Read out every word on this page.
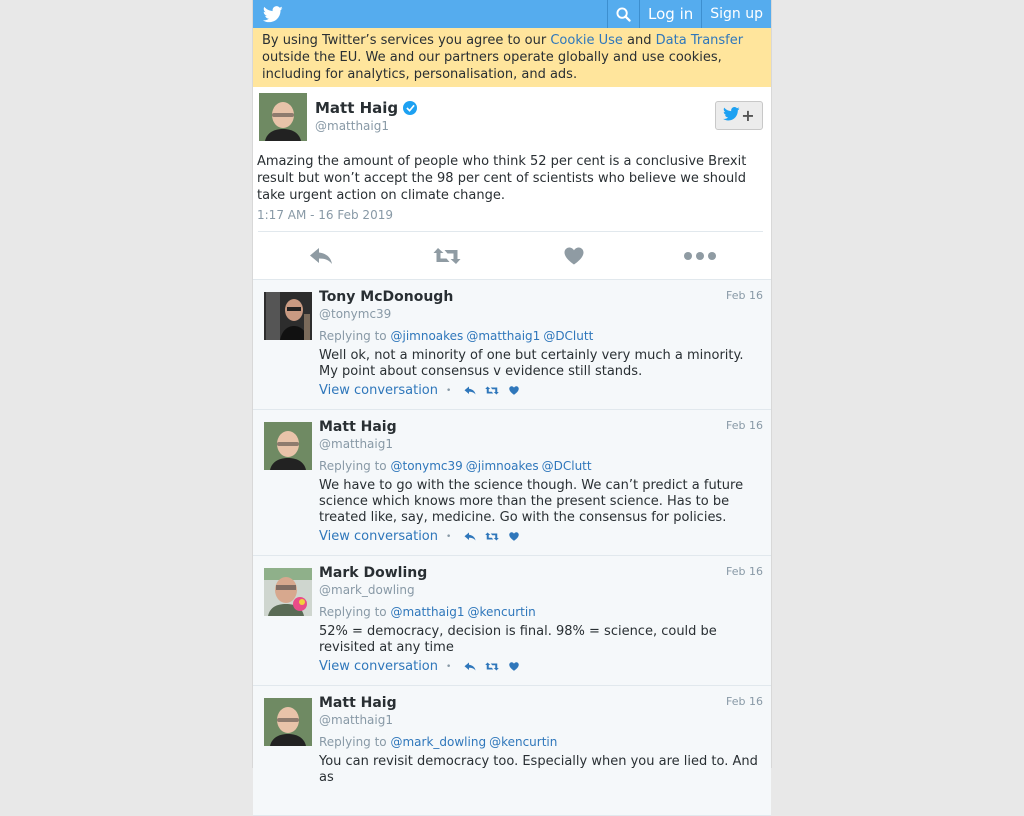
Log in	Sign up
By using Twitter’s services you agree to our Cookie Use and Data Transfer outside the EU. We and our partners operate globally and use cookies, including for analytics, personalisation, and ads.
Matt Haig
@matthaig1
+
Amazing the amount of people who think 52 per cent is a conclusive Brexit result but won’t accept the 98 per cent of scientists who believe we should take urgent action on climate change.
1:17 AM - 16 Feb 2019
Tony McDonough	Feb 16
@tonymc39
Replying to @jimnoakes @matthaig1 @DClutt
Well ok, not a minority of one but certainly very much a minority. My point about consensus v evidence still stands.
View conversation •
Matt Haig	Feb 16
@matthaig1
Replying to @tonymc39 @jimnoakes @DClutt
We have to go with the science though. We can’t predict a future science which knows more than the present science. Has to be treated like, say, medicine. Go with the consensus for policies.
View conversation •
Mark Dowling	Feb 16
@mark_dowling
Replying to @matthaig1 @kencurtin
52% = democracy, decision is final. 98% = science, could be revisited at any time
View conversation •
Matt Haig	Feb 16
@matthaig1
Replying to @mark_dowling @kencurtin
You can revisit democracy too. Especially when you are lied to. And as
